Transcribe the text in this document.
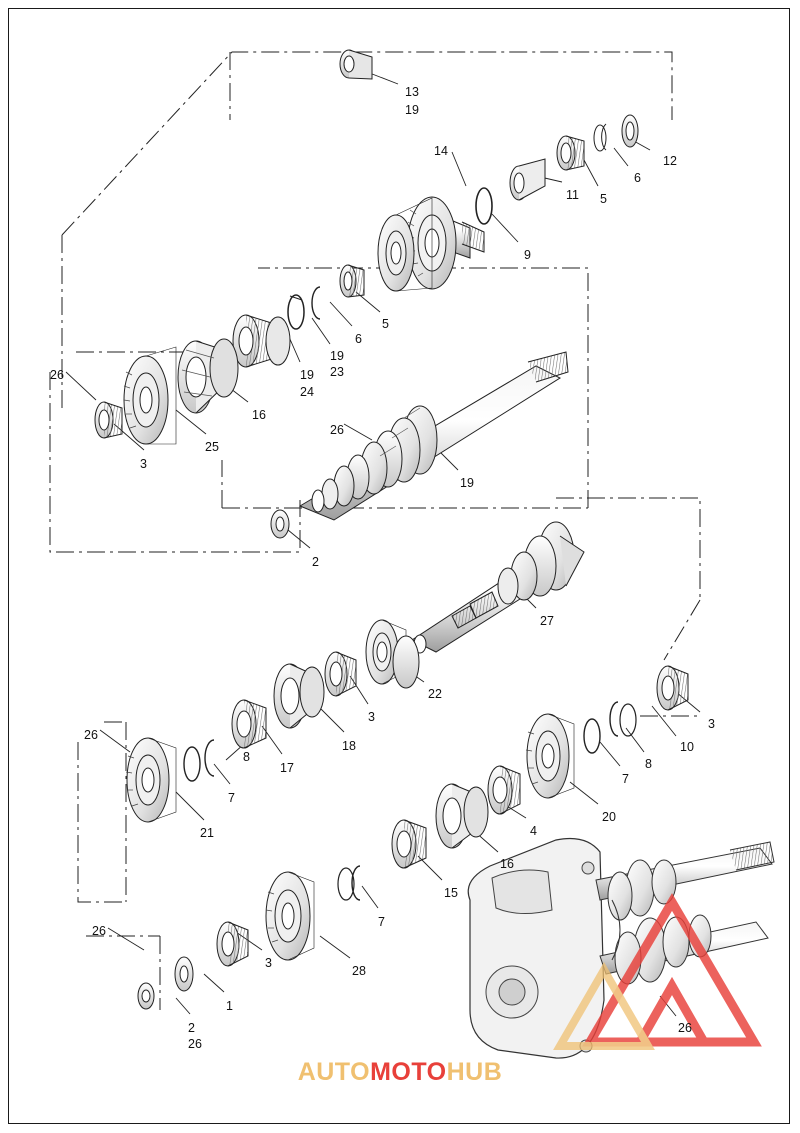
13
19
14
12
6
5
11
9
5
6
19
23
19
24
16
25
26
3
26
19
2
27
22
3
18
17
8
7
26
21
3
10
8
7
20
4
16
15
7
28
3
1
2
26
26
26
AUTOMOTOHUB
